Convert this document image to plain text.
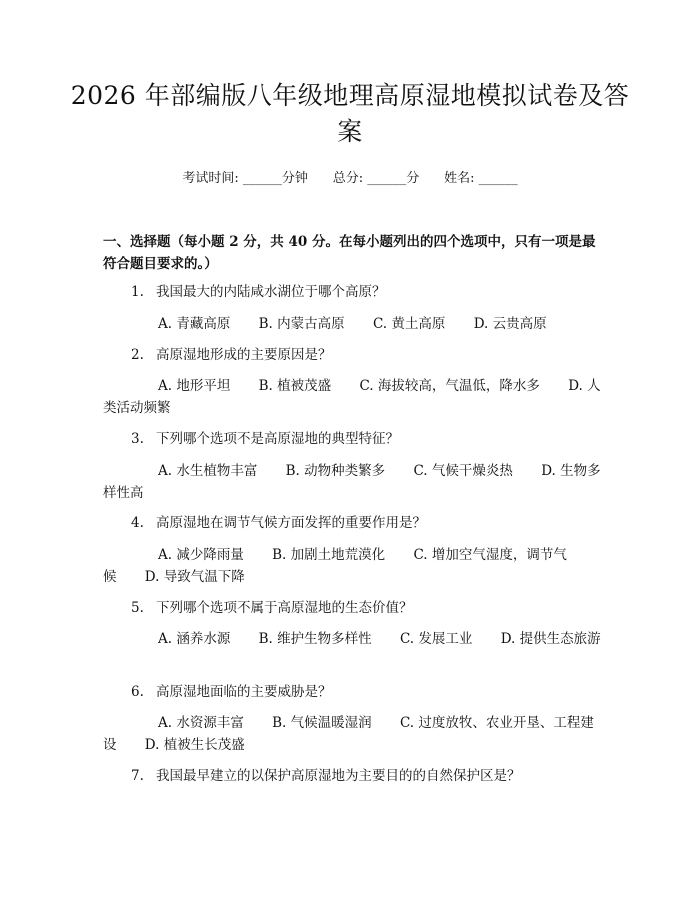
2026 年部编版八年级地理高原湿地模拟试卷及答案
考试时间: ______分钟 总分: ______分 姓名: ______

一、选择题（每小题 2 分，共 40 分。在每小题列出的四个选项中，只有一项是最符合题目要求的。）

1. 我国最大的内陆咸水湖位于哪个高原？
A. 青藏高原 B. 内蒙古高原 C. 黄土高原 D. 云贵高原
2. 高原湿地形成的主要原因是？
A. 地形平坦 B. 植被茂盛 C. 海拔较高，气温低，降水多 D. 人类活动频繁
3. 下列哪个选项不是高原湿地的典型特征？
A. 水生植物丰富 B. 动物种类繁多 C. 气候干燥炎热 D. 生物多样性高
4. 高原湿地在调节气候方面发挥的重要作用是？
A. 减少降雨量 B. 加剧土地荒漠化 C. 增加空气湿度，调节气候 D. 导致气温下降
5. 下列哪个选项不属于高原湿地的生态价值？
A. 涵养水源 B. 维护生物多样性 C. 发展工业 D. 提供生态旅游
6. 高原湿地面临的主要威胁是？
A. 水资源丰富 B. 气候温暖湿润 C. 过度放牧、农业开垦、工程建设 D. 植被生长茂盛
7. 我国最早建立的以保护高原湿地为主要目的的自然保护区是？
